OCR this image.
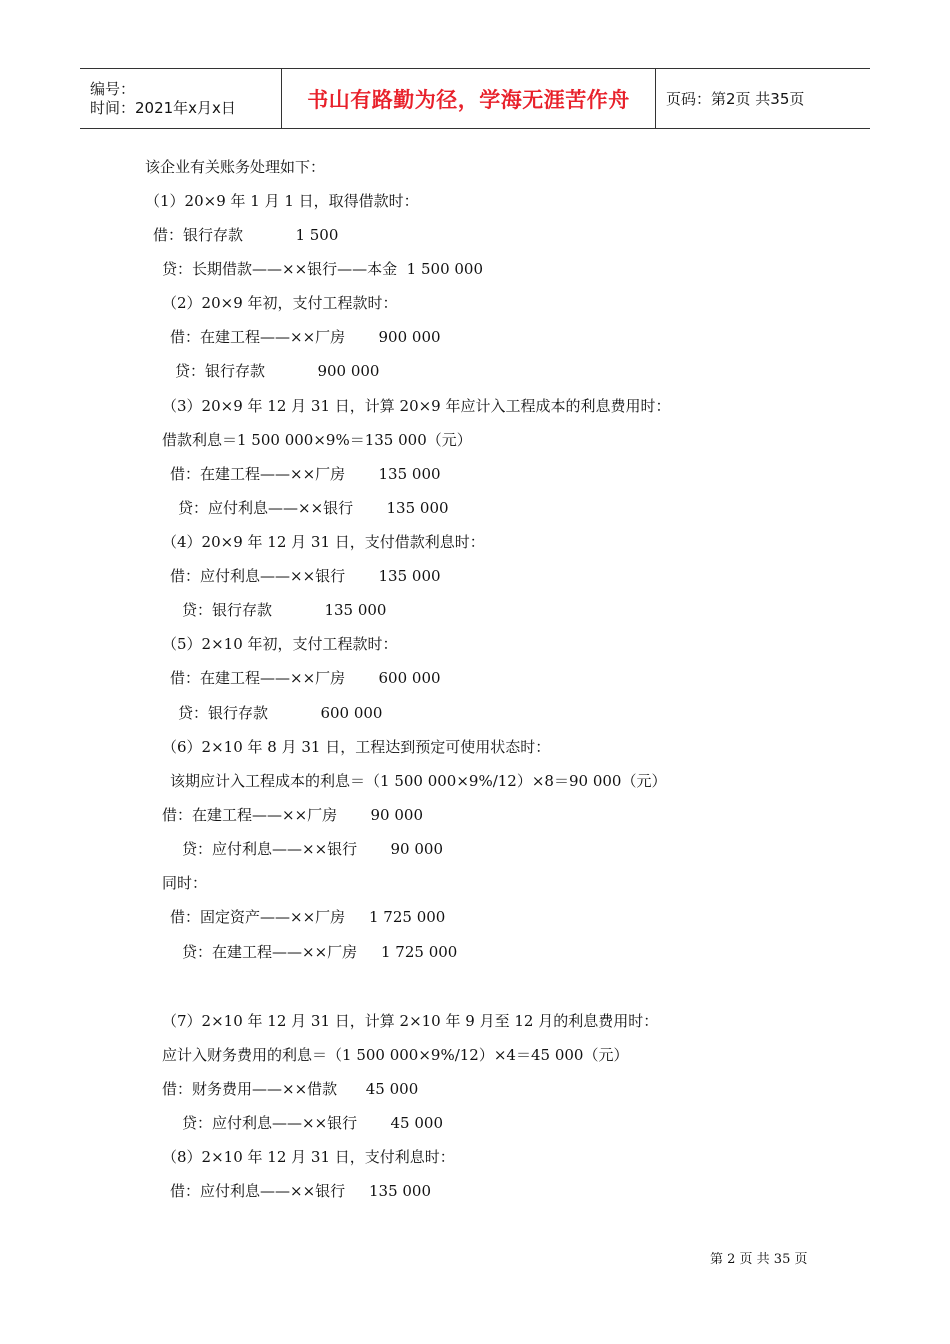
编号：
时间：2021年x月x日	书山有路勤为径，学海无涯苦作舟	页码：第2页 共35页
该企业有关账务处理如下：
（1）20×9 年 1 月 1 日，取得借款时：
借：银行存款           1 500
贷：长期借款——××银行——本金  1 500 000
（2）20×9 年初，支付工程款时：
借：在建工程——××厂房       900 000
贷：银行存款           900 000
（3）20×9 年 12 月 31 日，计算 20×9 年应计入工程成本的利息费用时：
借款利息＝1 500 000×9%＝135 000（元）
借：在建工程——××厂房       135 000
贷：应付利息——××银行       135 000
（4）20×9 年 12 月 31 日，支付借款利息时：
借：应付利息——××银行       135 000
贷：银行存款           135 000
（5）2×10 年初，支付工程款时：
借：在建工程——××厂房       600 000
贷：银行存款           600 000
（6）2×10 年 8 月 31 日，工程达到预定可使用状态时：
该期应计入工程成本的利息＝（1 500 000×9%/12）×8＝90 000（元）
借：在建工程——××厂房       90 000
贷：应付利息——××银行       90 000
同时：
借：固定资产——××厂房     1 725 000
贷：在建工程——××厂房     1 725 000
（7）2×10 年 12 月 31 日，计算 2×10 年 9 月至 12 月的利息费用时：
应计入财务费用的利息＝（1 500 000×9%/12）×4＝45 000（元）
借：财务费用——××借款      45 000
贷：应付利息——××银行       45 000
（8）2×10 年 12 月 31 日，支付利息时：
借：应付利息——××银行     135 000
第 2 页 共 35 页
